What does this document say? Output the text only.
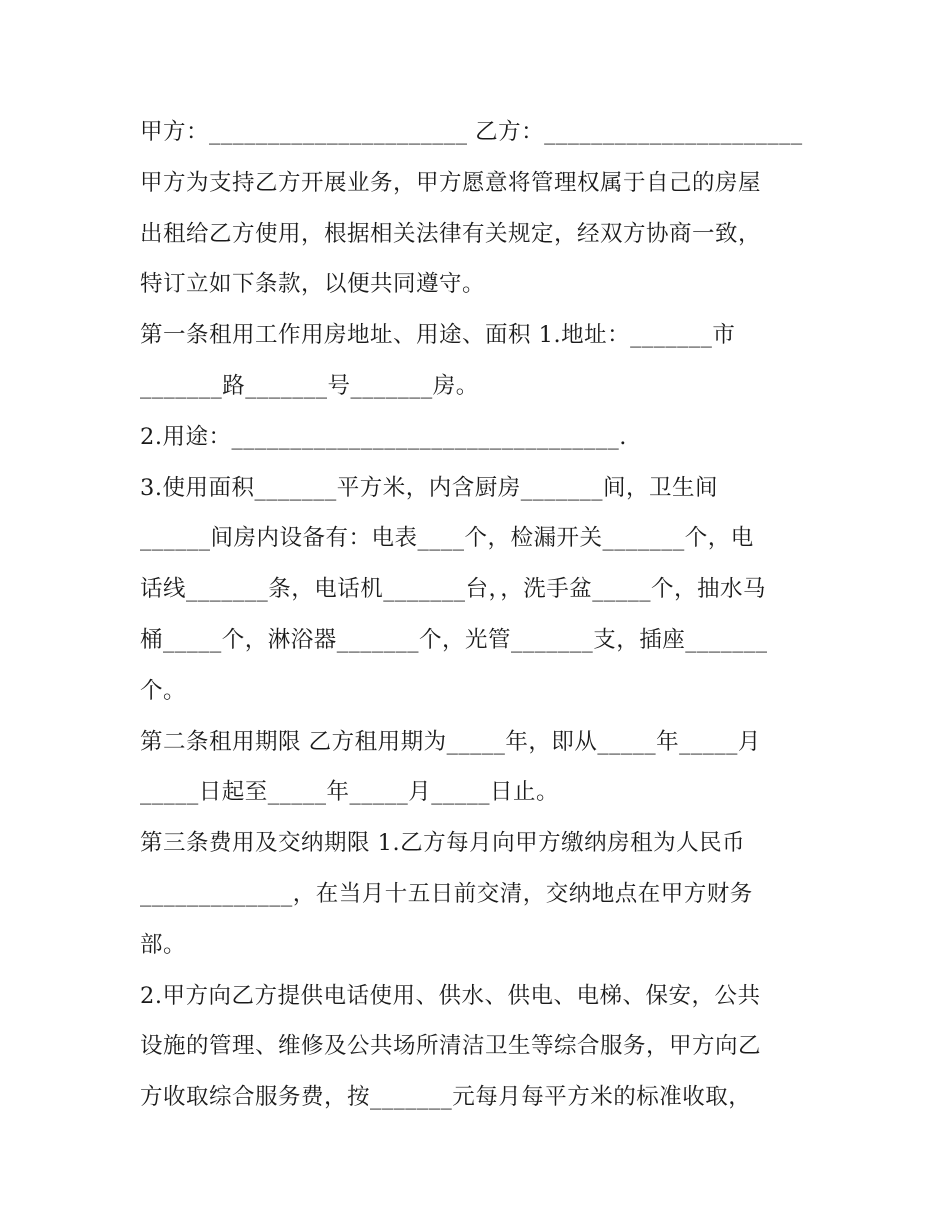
甲方：______________________ 乙方：______________________
甲方为支持乙方开展业务，甲方愿意将管理权属于自己的房屋
出租给乙方使用，根据相关法律有关规定，经双方协商一致，
特订立如下条款，以便共同遵守。
第一条租用工作用房地址、用途、面积 1.地址：_______市
_______路_______号_______房。
2.用途：_________________________________.
3.使用面积_______平方米，内含厨房_______间，卫生间
______间房内设备有：电表____个，检漏开关_______个，电
话线_______条，电话机_______台，，洗手盆_____个，抽水马
桶_____个，淋浴器_______个，光管_______支，插座_______
个。
第二条租用期限 乙方租用期为_____年，即从_____年_____月
_____日起至_____年_____月_____日止。
第三条费用及交纳期限 1.乙方每月向甲方缴纳房租为人民币
_____________，在当月十五日前交清，交纳地点在甲方财务
部。
2.甲方向乙方提供电话使用、供水、供电、电梯、保安，公共
设施的管理、维修及公共场所清洁卫生等综合服务，甲方向乙
方收取综合服务费，按_______元每月每平方米的标准收取，
